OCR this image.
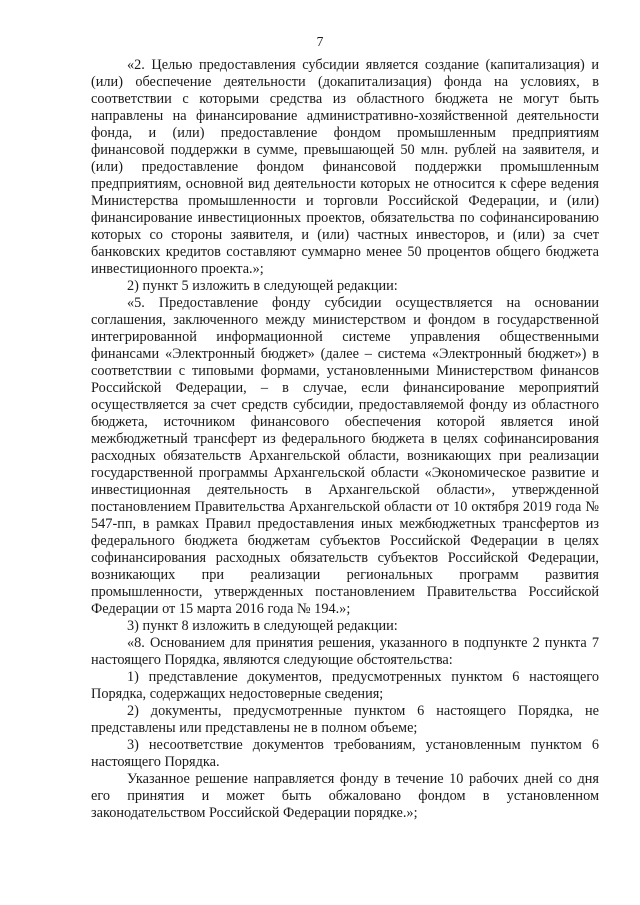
7

«2. Целью предоставления субсидии является создание (капитализация) и (или) обеспечение деятельности (докапитализация) фонда на условиях, в соответствии с которыми средства из областного бюджета не могут быть направлены на финансирование административно-хозяйственной деятельности фонда, и (или) предоставление фондом промышленным предприятиям финансовой поддержки в сумме, превышающей 50 млн. рублей на заявителя, и (или) предоставление фондом финансовой поддержки промышленным предприятиям, основной вид деятельности которых не относится к сфере ведения Министерства промышленности и торговли Российской Федерации, и (или) финансирование инвестиционных проектов, обязательства по софинансированию которых со стороны заявителя, и (или) частных инвесторов, и (или) за счет банковских кредитов составляют суммарно менее 50 процентов общего бюджета инвестиционного проекта.»;

2) пункт 5 изложить в следующей редакции:

«5. Предоставление фонду субсидии осуществляется на основании соглашения, заключенного между министерством и фондом в государственной интегрированной информационной системе управления общественными финансами «Электронный бюджет» (далее – система «Электронный бюджет») в соответствии с типовыми формами, установленными Министерством финансов Российской Федерации, – в случае, если финансирование мероприятий осуществляется за счет средств субсидии, предоставляемой фонду из областного бюджета, источником финансового обеспечения которой является иной межбюджетный трансферт из федерального бюджета в целях софинансирования расходных обязательств Архангельской области, возникающих при реализации государственной программы Архангельской области «Экономическое развитие и инвестиционная деятельность в Архангельской области», утвержденной постановлением Правительства Архангельской области от 10 октября 2019 года № 547-пп, в рамках Правил предоставления иных межбюджетных трансфертов из федерального бюджета бюджетам субъектов Российской Федерации в целях софинансирования расходных обязательств субъектов Российской Федерации, возникающих при реализации региональных программ развития промышленности, утвержденных постановлением Правительства Российской Федерации от 15 марта 2016 года № 194.»;

3) пункт 8 изложить в следующей редакции:

«8. Основанием для принятия решения, указанного в подпункте 2 пункта 7 настоящего Порядка, являются следующие обстоятельства:

1) представление документов, предусмотренных пунктом 6 настоящего Порядка, содержащих недостоверные сведения;

2) документы, предусмотренные пунктом 6 настоящего Порядка, не представлены или представлены не в полном объеме;

3) несоответствие документов требованиям, установленным пунктом 6 настоящего Порядка.

Указанное решение направляется фонду в течение 10 рабочих дней со дня его принятия и может быть обжаловано фондом в установленном законодательством Российской Федерации порядке.»;
